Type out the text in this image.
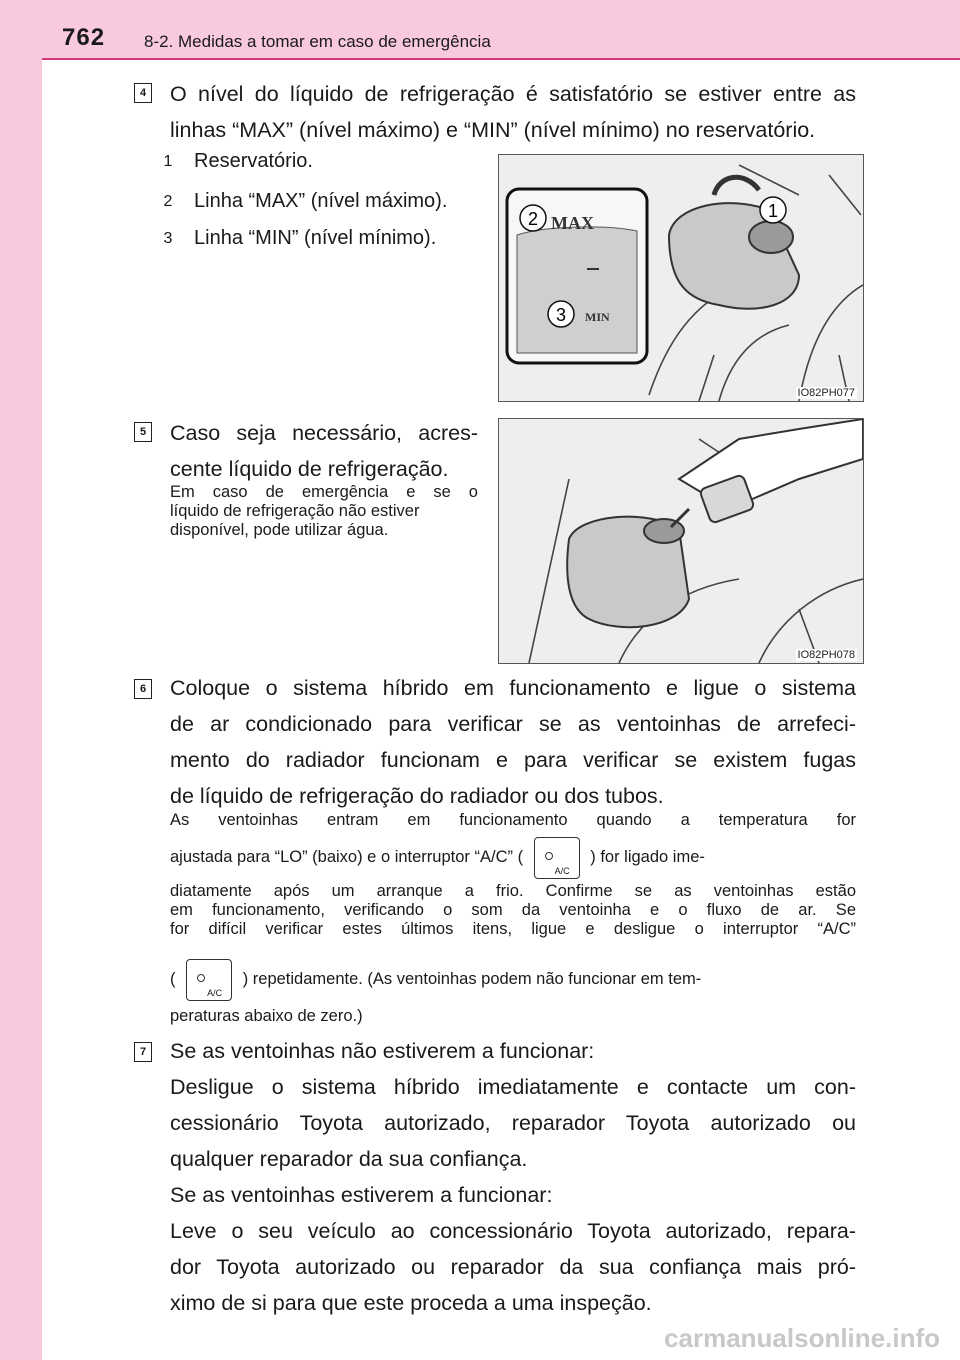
762 8-2. Medidas a tomar em caso de emergência
4 O nível do líquido de refrigeração é satisfatório se estiver entre as
linhas “MAX” (nível máximo) e “MIN” (nível mínimo) no reservatório.
1 Reservatório.
2 Linha “MAX” (nível máximo).
3 Linha “MIN” (nível mínimo).
MAX
MIN
2
3
1
IO82PH077
5 Caso seja necessário, acres-
cente líquido de refrigeração.
Em caso de emergência e se o
líquido de refrigeração não estiver
disponível, pode utilizar água.
IO82PH078
6 Coloque o sistema híbrido em funcionamento e ligue o sistema
de ar condicionado para verificar se as ventoinhas de arrefeci-
mento do radiador funcionam e para verificar se existem fugas
de líquido de refrigeração do radiador ou dos tubos.
As ventoinhas entram em funcionamento quando a temperatura for
ajustada para “LO” (baixo) e o interruptor “A/C” (
A/C
) for ligado ime-
diatamente após um arranque a frio. Confirme se as ventoinhas estão
em funcionamento, verificando o som da ventoinha e o fluxo de ar. Se
for difícil verificar estes últimos itens, ligue e desligue o interruptor “A/C”
(
A/C
) repetidamente. (As ventoinhas podem não funcionar em tem-
peraturas abaixo de zero.)
7 Se as ventoinhas não estiverem a funcionar:
Desligue o sistema híbrido imediatamente e contacte um con-
cessionário Toyota autorizado, reparador Toyota autorizado ou
qualquer reparador da sua confiança.
Se as ventoinhas estiverem a funcionar:
Leve o seu veículo ao concessionário Toyota autorizado, repara-
dor Toyota autorizado ou reparador da sua confiança mais pró-
ximo de si para que este proceda a uma inspeção.
carmanualsonline.info
